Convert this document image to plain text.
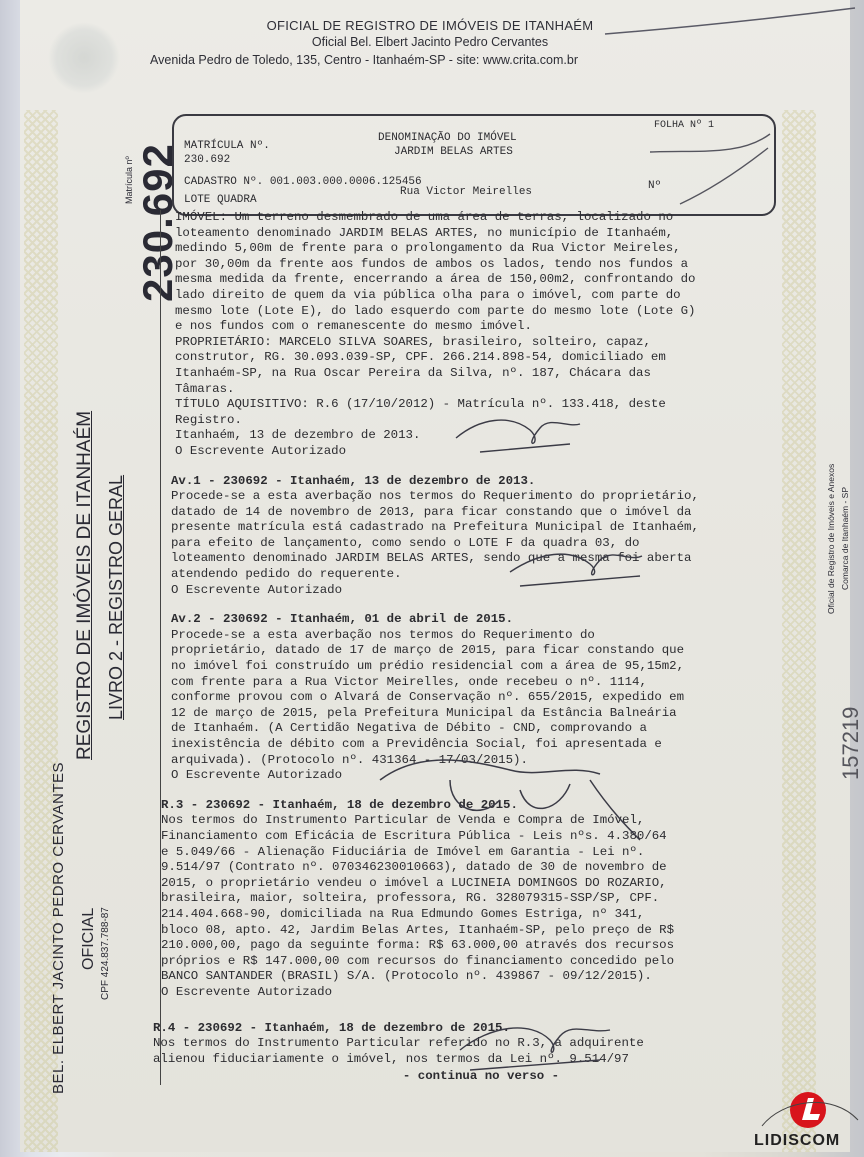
OFICIAL DE REGISTRO DE IMÓVEIS DE ITANHAÉM
Oficial Bel. Elbert Jacinto Pedro Cervantes
Avenida Pedro de Toledo, 135, Centro - Itanhaém-SP - site: www.crita.com.br
Matrícula nº 230.692
REGISTRO DE IMÓVEIS DE ITANHAÉM LIVRO 2 - REGISTRO GERAL
BEL. ELBERT JACINTO PEDRO CERVANTES OFICIAL CPF 424.837.788-87
Oficial de Registro de Imóveis e Anexos Comarca de Itanhaém - SP
157219
MATRÍCULA Nº.
230.692
DENOMINAÇÃO DO IMÓVEL
JARDIM BELAS ARTES
FOLHA Nº 1
CADASTRO Nº. 001.003.000.0006.125456
Rua Victor Meirelles	Nº
LOTE QUADRA
IMÓVEL: Um terreno desmembrado de uma área de terras, localizado no
loteamento denominado JARDIM BELAS ARTES, no município de Itanhaém,
medindo 5,00m de frente para o prolongamento da Rua Victor Meireles,
por 30,00m da frente aos fundos de ambos os lados, tendo nos fundos a
mesma medida da frente, encerrando a área de 150,00m2, confrontando do
lado direito de quem da via pública olha para o imóvel, com parte do
mesmo lote (Lote E), do lado esquerdo com parte do mesmo lote (Lote G)
e nos fundos com o remanescente do mesmo imóvel.
PROPRIETÁRIO: MARCELO SILVA SOARES, brasileiro, solteiro, capaz,
construtor, RG. 30.093.039-SP, CPF. 266.214.898-54, domiciliado em
Itanhaém-SP, na Rua Oscar Pereira da Silva, nº. 187, Chácara das
Tâmaras.
TÍTULO AQUISITIVO: R.6 (17/10/2012) - Matrícula nº. 133.418, deste
Registro.
Itanhaém, 13 de dezembro de 2013.
O Escrevente Autorizado
Av.1 - 230692 - Itanhaém, 13 de dezembro de 2013.
Procede-se a esta averbação nos termos do Requerimento do proprietário,
datado de 14 de novembro de 2013, para ficar constando que o imóvel da
presente matrícula está cadastrado na Prefeitura Municipal de Itanhaém,
para efeito de lançamento, como sendo o LOTE F da quadra 03, do
loteamento denominado JARDIM BELAS ARTES, sendo que a mesma foi aberta
atendendo pedido do requerente.
O Escrevente Autorizado
Av.2 - 230692 - Itanhaém, 01 de abril de 2015.
Procede-se a esta averbação nos termos do Requerimento do
proprietário, datado de 17 de março de 2015, para ficar constando que
no imóvel foi construído um prédio residencial com a área de 95,15m2,
com frente para a Rua Victor Meirelles, onde recebeu o nº. 1114,
conforme provou com o Alvará de Conservação nº. 655/2015, expedido em
12 de março de 2015, pela Prefeitura Municipal da Estância Balneária
de Itanhaém. (A Certidão Negativa de Débito - CND, comprovando a
inexistência de débito com a Previdência Social, foi apresentada e
arquivada). (Protocolo nº. 431364 - 17/03/2015).
O Escrevente Autorizado
R.3 - 230692 - Itanhaém, 18 de dezembro de 2015.
Nos termos do Instrumento Particular de Venda e Compra de Imóvel,
Financiamento com Eficácia de Escritura Pública - Leis nºs. 4.380/64
e 5.049/66 - Alienação Fiduciária de Imóvel em Garantia - Lei nº.
9.514/97 (Contrato nº. 070346230010663), datado de 30 de novembro de
2015, o proprietário vendeu o imóvel a LUCINEIA DOMINGOS DO ROZARIO,
brasileira, maior, solteira, professora, RG. 328079315-SSP/SP, CPF.
214.404.668-90, domiciliada na Rua Edmundo Gomes Estriga, nº 341,
bloco 08, apto. 42, Jardim Belas Artes, Itanhaém-SP, pelo preço de R$
210.000,00, pago da seguinte forma: R$ 63.000,00 através dos recursos
próprios e R$ 147.000,00 com recursos do financiamento concedido pelo
BANCO SANTANDER (BRASIL) S/A. (Protocolo nº. 439867 - 09/12/2015).
O Escrevente Autorizado
R.4 - 230692 - Itanhaém, 18 de dezembro de 2015.
Nos termos do Instrumento Particular referido no R.3, a adquirente
alienou fiduciariamente o imóvel, nos termos da Lei nº. 9.514/97
- continua no verso -
LIDISCOM
